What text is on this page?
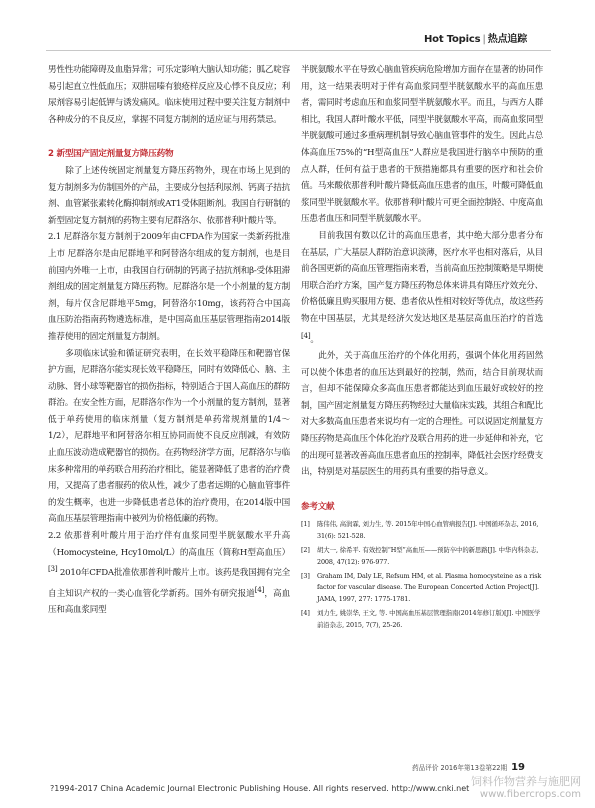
Hot Topics | 热点追踪

男性性功能障碍及血脂异常；可乐定影响大脑认知功能；胍乙啶容易引起直立性低血压；双肼屈嗪有狼疮样反应及心悸不良反应；利尿剂容易引起低钾与诱发痛风。临床使用过程中要关注复方制剂中各种成分的不良反应，掌握不同复方制剂的适应证与用药禁忌。

2 新型国产固定剂量复方降压药物

除了上述传统固定剂量复方降压药物外，现在市场上见到的复方制剂多为仿制国外的产品，主要成分包括利尿剂、钙离子拮抗剂、血管紧张素转化酶抑制剂或AT1受体阻断剂。我国自行研制的新型固定复方制剂的药物主要有尼群洛尔、依那普利叶酸片等。

2.1 尼群洛尔复方制剂于2009年由CFDA作为国家一类新药批准上市 尼群洛尔是由尼群地平和阿替洛尔组成的复方制剂，也是目前国内外唯一上市，由我国自行研制的钙离子拮抗剂和β-受体阻滞剂组成的固定剂量复方降压药物。尼群洛尔是一个小剂量的复方制剂，每片仅含尼群地平5mg，阿替洛尔10mg，该药符合中国高血压防治指南药物遴选标准，是中国高血压基层管理指南2014版推荐使用的固定剂量复方制剂。

多项临床试验和循证研究表明，在长效平稳降压和靶器官保护方面，尼群洛尔能实现长效平稳降压，同时有效降低心、脑、主动脉、肾小球等靶器官的损伤指标，特别适合于国人高血压的群防群治。在安全性方面，尼群洛尔作为一个小剂量的复方制剂，显著低于单药使用的临床剂量（复方制剂是单药常规剂量的1/4～1/2），尼群地平和阿替洛尔相互协同而使不良反应削减，有效防止血压波动造成靶器官的损伤。在药物经济学方面，尼群洛尔与临床多种常用的单药联合用药治疗相比，能显著降低了患者的治疗费用，又提高了患者服药的依从性，减少了患者远期的心脑血管事件的发生概率，也进一步降低患者总体的治疗费用，在2014版中国高血压基层管理指南中被列为价格低廉的药物。

2.2 依那普利叶酸片用于治疗伴有血浆同型半胱氨酸水平升高（Homocysteine, Hcy10mol/L）的高血压（简称H型高血压）[3] 2010年CFDA批准依那普利叶酸片上市。该药是我国拥有完全自主知识产权的一类心血管化学新药。国外有研究报道[4]，高血压和高血浆同型

半胱氨酸水平在导致心脑血管疾病危险增加方面存在显著的协同作用，这一结果表明对于伴有高血浆同型半胱氨酸水平的高血压患者，需同时考虑血压和血浆同型半胱氨酸水平。而且，与西方人群相比，我国人群叶酸水平低，同型半胱氨酸水平高，而高血浆同型半胱氨酸可通过多重病理机制导致心脑血管事件的发生。因此占总体高血压75%的“H型高血压”人群应是我国进行脑卒中预防的重点人群，任何有益于患者的干预措施都具有重要的医疗和社会价值。马来酸依那普利叶酸片降低高血压患者的血压，叶酸可降低血浆同型半胱氨酸水平。依那普利叶酸片可更全面控制轻、中度高血压患者血压和同型半胱氨酸水平。

目前我国有数以亿计的高血压患者，其中绝大部分患者分布在基层，广大基层人群防治意识淡薄，医疗水平也相对落后，从目前各国更新的高血压管理指南来看，当前高血压控制策略是早期使用联合治疗方案，国产复方降压药物总体来讲具有降压疗效充分、价格低廉且购买服用方便、患者依从性相对较好等优点，故这些药物在中国基层，尤其是经济欠发达地区是基层高血压治疗的首选[4]。

此外，关于高血压治疗的个体化用药，强调个体化用药固然可以使个体患者的血压达到最好的控制，然而，结合目前现状而言，但却不能保障众多高血压患者都能达到血压最好或较好的控制，国产固定剂量复方降压药物经过大量临床实践，其组合和配比对大多数高血压患者来说均有一定的合理性。可以说固定剂量复方降压药物是高血压个体化治疗及联合用药的进一步延伸和补充，它的出现可显著改善高血压患者血压的控制率，降低社会医疗经费支出，特别是对基层医生的用药具有重要的指导意义。

参考文献
[1]	陈伟伟, 高润霖, 刘力生, 等. 2015年中国心血管病报告[J]. 中国循环杂志, 2016, 31(6): 521-528.
[2]	胡大一, 徐希平. 有效控制“H型”高血压——预防卒中的新思路[J]. 中华内科杂志, 2008, 47(12): 976-977.
[3]	Graham IM, Daly LE, Refsum HM, et al. Plasma homocysteine as a risk factor for vascular disease. The European Concerted Action Project[J]. JAMA, 1997, 277: 1775-1781.
[4]	刘力生, 姚崇华, 王文, 等. 中国高血压基层管理指南(2014年修订版)[J]. 中国医学前沿杂志, 2015, 7(7), 25-26.
药品评价 2016年第13卷第22期 19
?1994-2017 China Academic Journal Electronic Publishing House. All rights reserved. http://www.cnki.net
饲料作物营养与施肥网
www.fibercrops.com
